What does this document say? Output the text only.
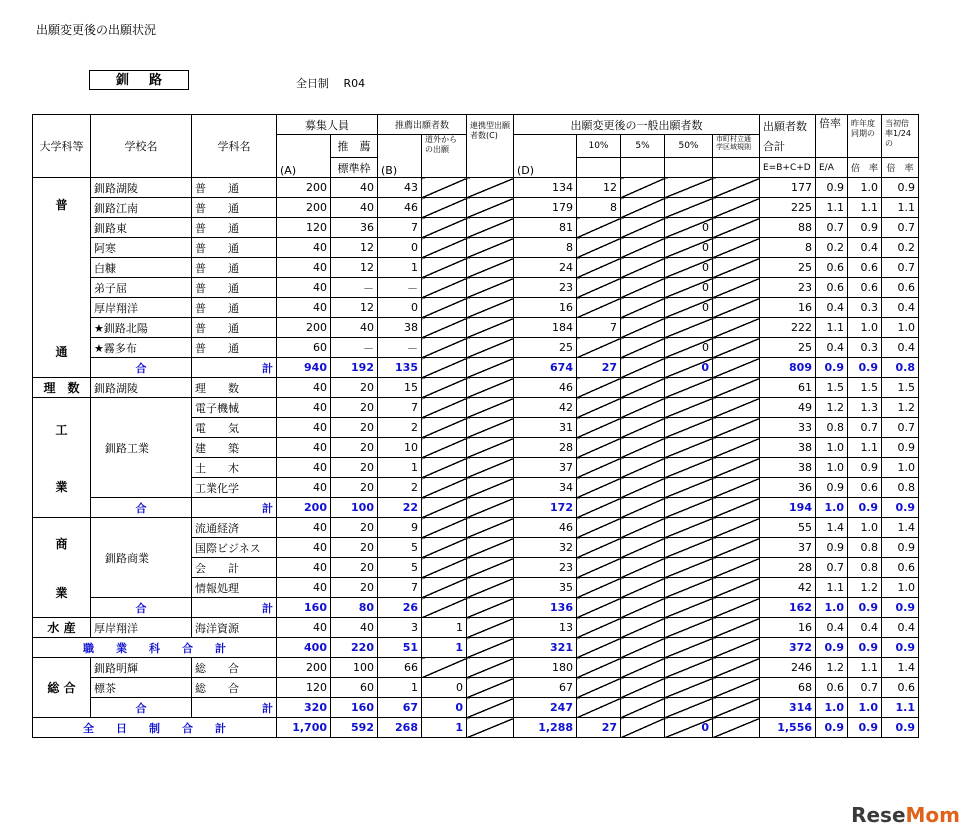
出願変更後の出願状況
釧路	全日制　 R04
大学科等	学校名	学科名	募集人員		推薦出願者数		連携型出願者数(C)	出願変更後の一般出願者数					出願者数合計	倍率	昨年度同期の	当初倍率1/24 の
			(A)	推　薦	(B)	道外からの出願		(D)	10%	5%	50%	市町村立通学区域規則				
				標準枠									E=B+C+D	E/A	倍　率	倍　率

普
通	釧路湖陵	普　　通	200	40	43			134	12				177	0.9	1.0	0.9
	釧路江南	普　　通	200	40	46			179	8				225	1.1	1.1	1.1
	釧路東	普　　通	120	36	7			81			0		88	0.7	0.9	0.7
	阿寒	普　　通	40	12	0			8			0		8	0.2	0.4	0.2
	白糠	普　　通	40	12	1			24			0		25	0.6	0.6	0.7
	弟子屈	普　　通	40	－	－			23			0		23	0.6	0.6	0.6
	厚岸翔洋	普　　通	40	12	0			16			0		16	0.4	0.3	0.4
	★釧路北陽	普　　通	200	40	38			184	7				222	1.1	1.0	1.0
	★霧多布	普　　通	60	－	－			25			0		25	0.4	0.3	0.4
	合	計	940	192	135			674	27		0		809	0.9	0.9	0.8
理　数	釧路湖陵	理　　数	40	20	15			46					61	1.5	1.5	1.5

工
業	釧路工業	電子機械	40	20	7			42					49	1.2	1.3	1.2
		電　　気	40	20	2			31					33	0.8	0.7	0.7
		建　　築	40	20	10			28					38	1.0	1.1	0.9
		土　　木	40	20	1			37					38	1.0	0.9	1.0
		工業化学	40	20	2			34					36	0.9	0.6	0.8
	合	計	200	100	22			172					194	1.0	0.9	0.9

商
業	釧路商業	流通経済	40	20	9			46					55	1.4	1.0	1.4
		国際ビジネス	40	20	5			32					37	0.9	0.8	0.9
		会　　計	40	20	5			23					28	0.7	0.8	0.6
		情報処理	40	20	7			35					42	1.1	1.2	1.0
	合	計	160	80	26			136					162	1.0	0.9	0.9
水 産	厚岸翔洋	海洋資源	40	40	3	1		13					16	0.4	0.4	0.4
職　　業　　科　　合　　計			400	220	51	1		321					372	0.9	0.9	0.9
総 合	釧路明輝	総　　合	200	100	66			180					246	1.2	1.1	1.4
	標茶	総　　合	120	60	1	0		67					68	0.6	0.7	0.6
	合	計	320	160	67	0		247					314	1.0	1.0	1.1
全　　日　　制　　合　　計			1,700	592	268	1		1,288	27		0		1,556	0.9	0.9	0.9
ReseMom
